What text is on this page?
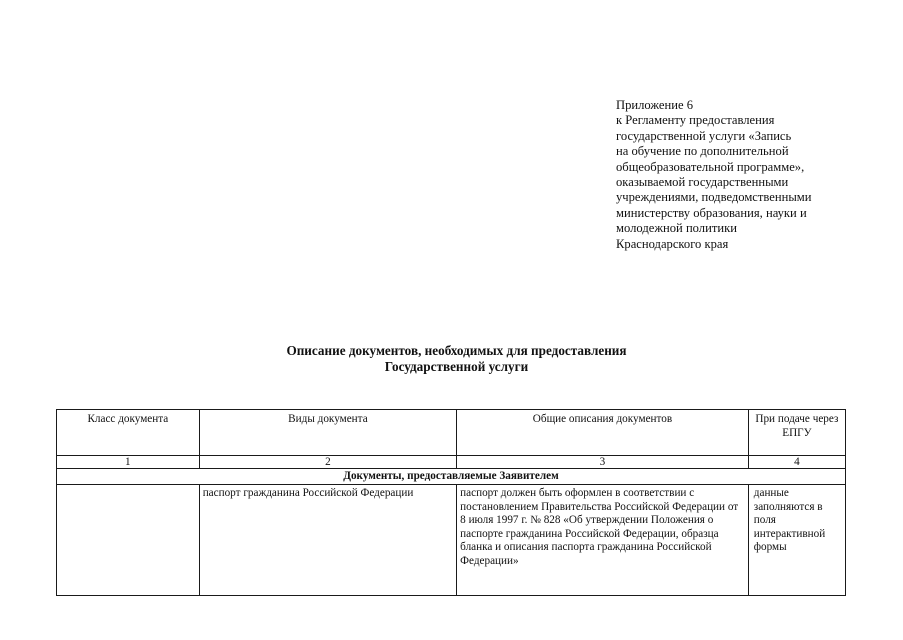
Приложение 6
к Регламенту предоставления
государственной услуги «Запись
на обучение по дополнительной
общеобразовательной программе»,
оказываемой государственными
учреждениями, подведомственными
министерству образования, науки и
молодежной политики
Краснодарского края
Описание документов, необходимых для предоставления
Государственной услуги
Класс документа	Виды документа	Общие описания документов	При подаче через ЕПГУ
1	2	3	4
Документы, предоставляемые Заявителем			
	паспорт гражданина Российской Федерации	паспорт должен быть оформлен в соответствии с постановлением Правительства Российской Федерации от 8 июля 1997 г. № 828 «Об утверждении Положения о паспорте гражданина Российской Федерации, образца бланка и описания паспорта гражданина Российской Федерации»	данные заполняются в поля интерактивной формы
